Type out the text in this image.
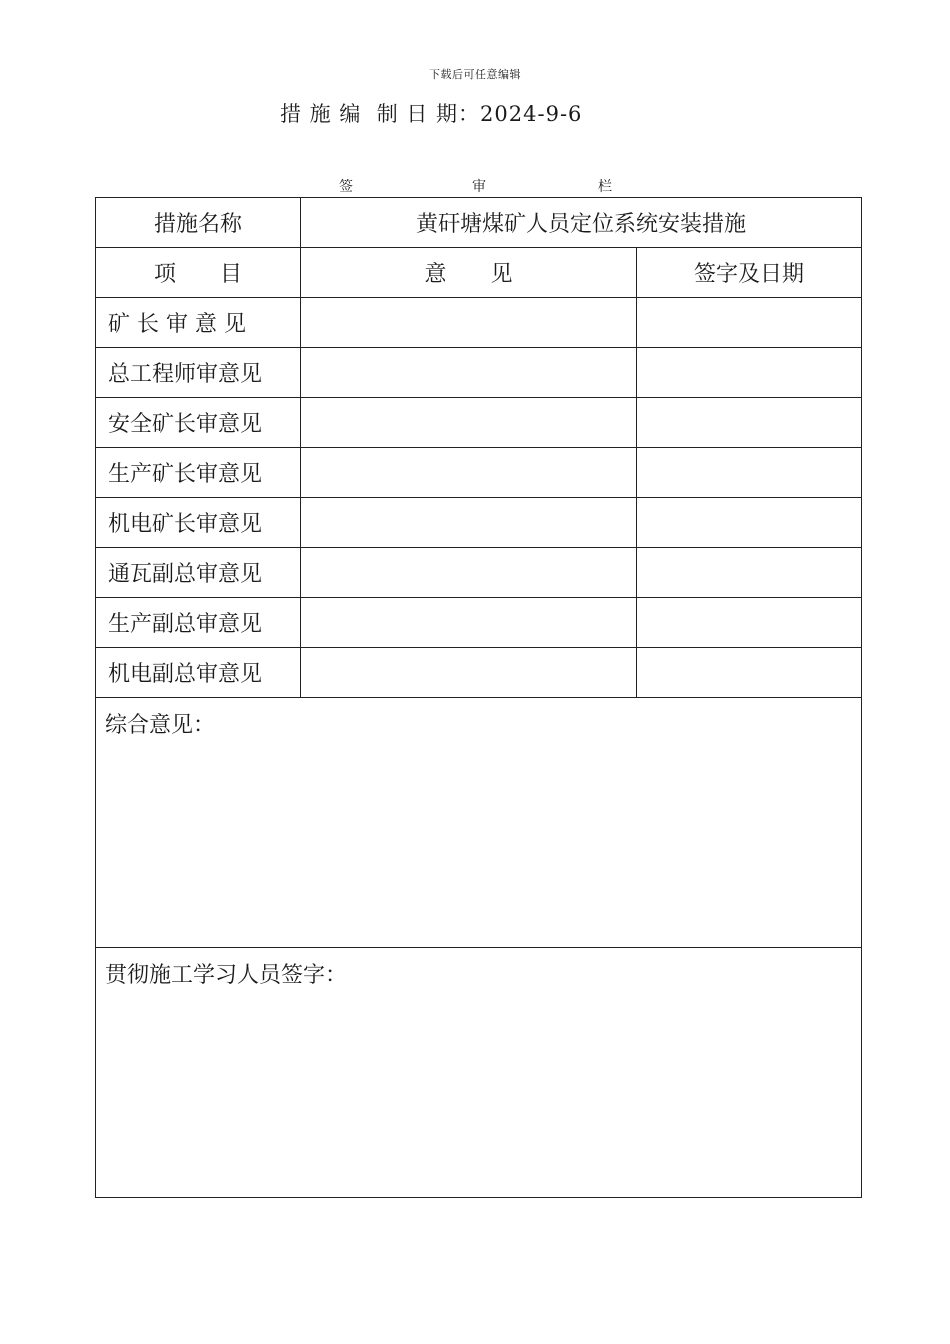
下载后可任意编辑
措 施 编  制 日 期：2024-9-6
签	审	栏
措施名称	黄矸塘煤矿人员定位系统安装措施	
项　　目	意　　见	签字及日期
矿 长 审 意 见		
总工程师审意见		
安全矿长审意见		
生产矿长审意见		
机电矿长审意见		
通瓦副总审意见		
生产副总审意见		
机电副总审意见		
综合意见：		
贯彻施工学习人员签字：		
